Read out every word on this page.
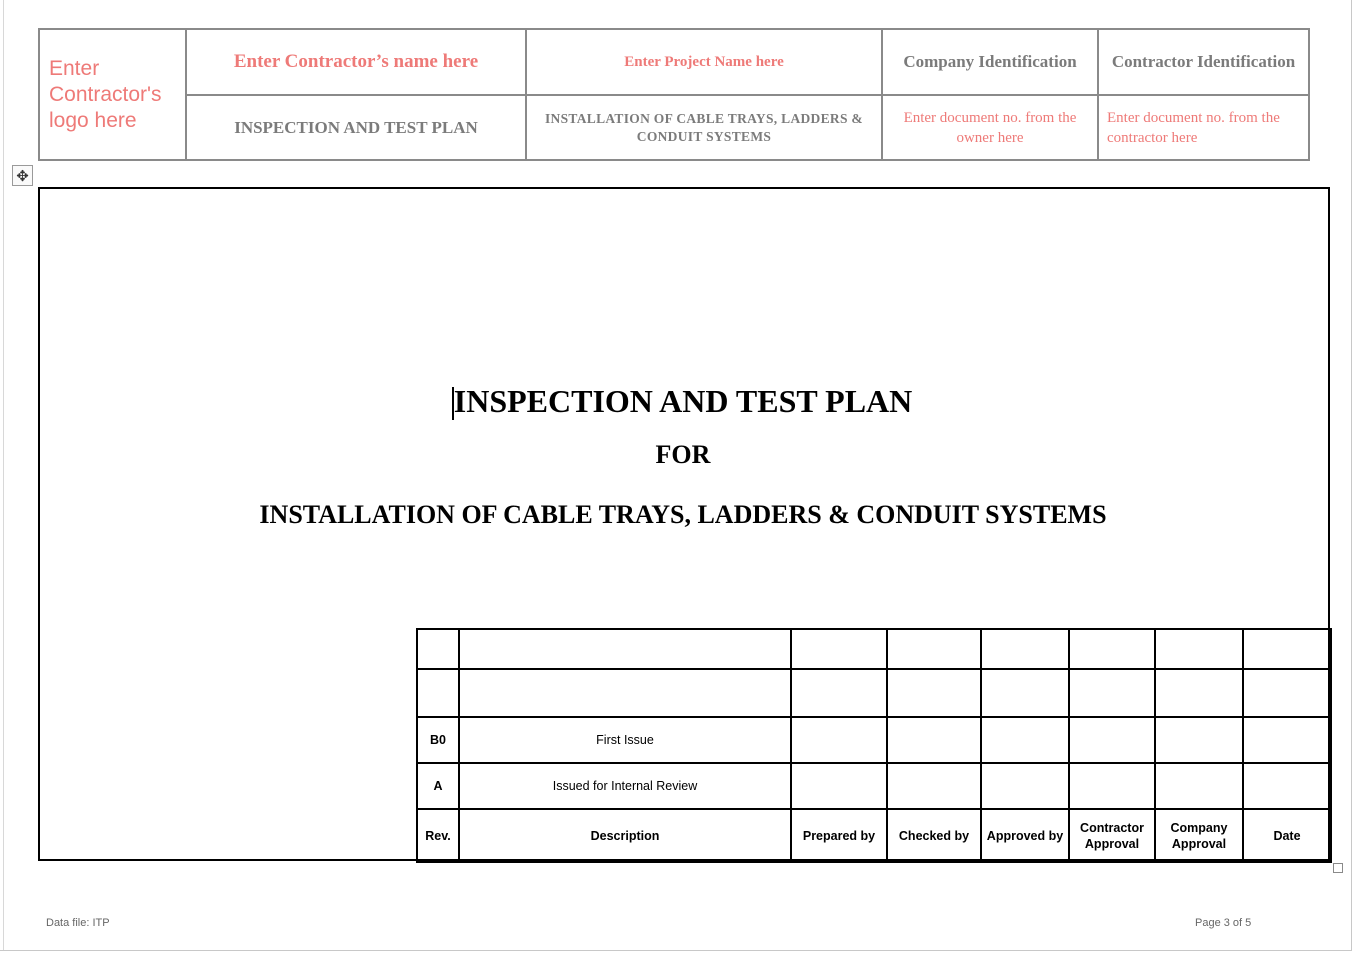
Enter Contractor's logo here	Enter Contractor’s name here	Enter Project Name here	Company Identification	Contractor Identification
	INSPECTION AND TEST PLAN	INSTALLATION OF CABLE TRAYS, LADDERS & CONDUIT SYSTEMS	Enter document no. from the owner here	Enter document no. from the contractor here
✥
INSPECTION AND TEST PLAN
FOR
INSTALLATION OF CABLE TRAYS, LADDERS & CONDUIT SYSTEMS

B0	First Issue						
A	Issued for Internal Review						
Rev.	Description	Prepared by	Checked by	Approved by	Contractor Approval	Company Approval	Date
Data file: ITP	Page 3 of 5
